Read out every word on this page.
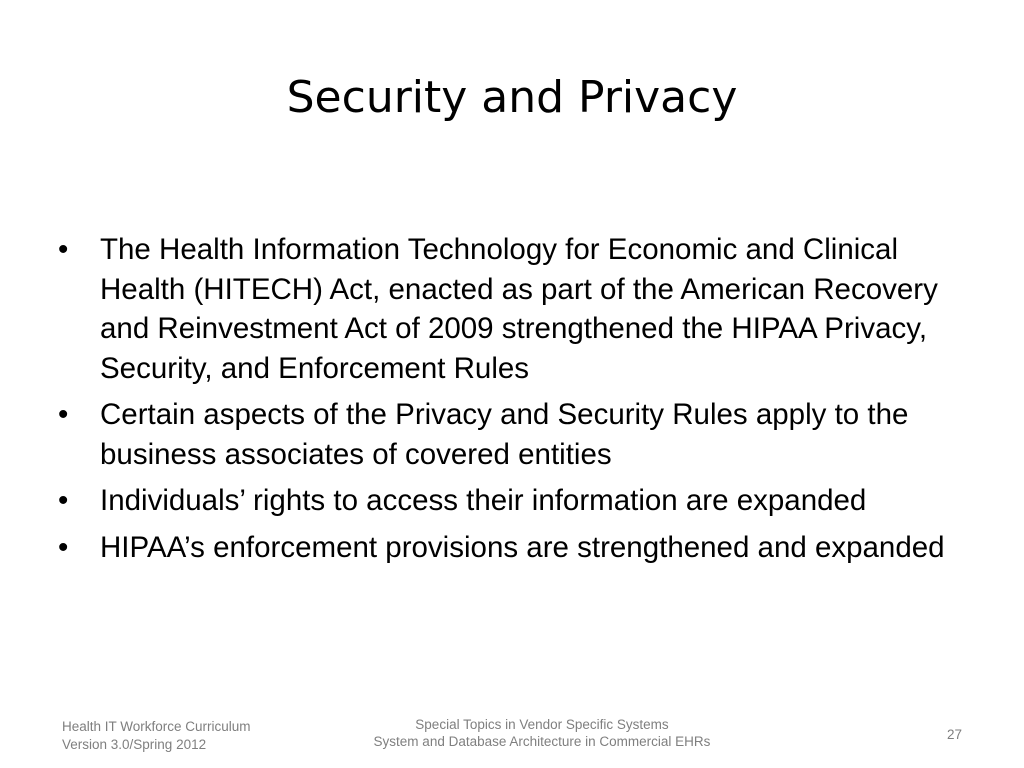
Security and Privacy
• The Health Information Technology for Economic and Clinical Health (HITECH) Act, enacted as part of the American Recovery and Reinvestment Act of 2009 strengthened the HIPAA Privacy, Security, and Enforcement Rules
• Certain aspects of the Privacy and Security Rules apply to the business associates of covered entities
• Individuals’ rights to access their information are expanded
• HIPAA’s enforcement provisions are strengthened and expanded
Health IT Workforce Curriculum
Version 3.0/Spring 2012
Special Topics in Vendor Specific Systems
System and Database Architecture in Commercial EHRs	27
